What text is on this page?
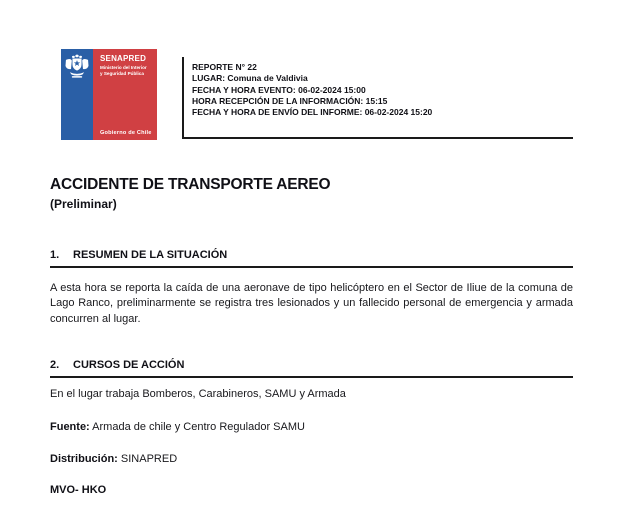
SENAPRED
Ministerio del Interior
y Seguridad Pública
Gobierno de Chile
REPORTE N° 22
LUGAR: Comuna de Valdivia
FECHA Y HORA EVENTO: 06-02-2024 15:00
HORA RECEPCIÓN DE LA INFORMACIÓN: 15:15
FECHA Y HORA DE ENVÍO DEL INFORME: 06-02-2024 15:20
ACCIDENTE DE TRANSPORTE AEREO
(Preliminar)
1.	RESUMEN DE LA SITUACIÓN
A esta hora se reporta la caída de una aeronave de tipo helicóptero en el Sector de Iliue de la comuna de Lago Ranco, preliminarmente se registra tres lesionados y un fallecido personal de emergencia y armada concurren al lugar.
2.	CURSOS DE ACCIÓN
En el lugar trabaja Bomberos, Carabineros, SAMU y Armada
Fuente: Armada de chile y Centro Regulador SAMU
Distribución: SINAPRED
MVO- HKO
